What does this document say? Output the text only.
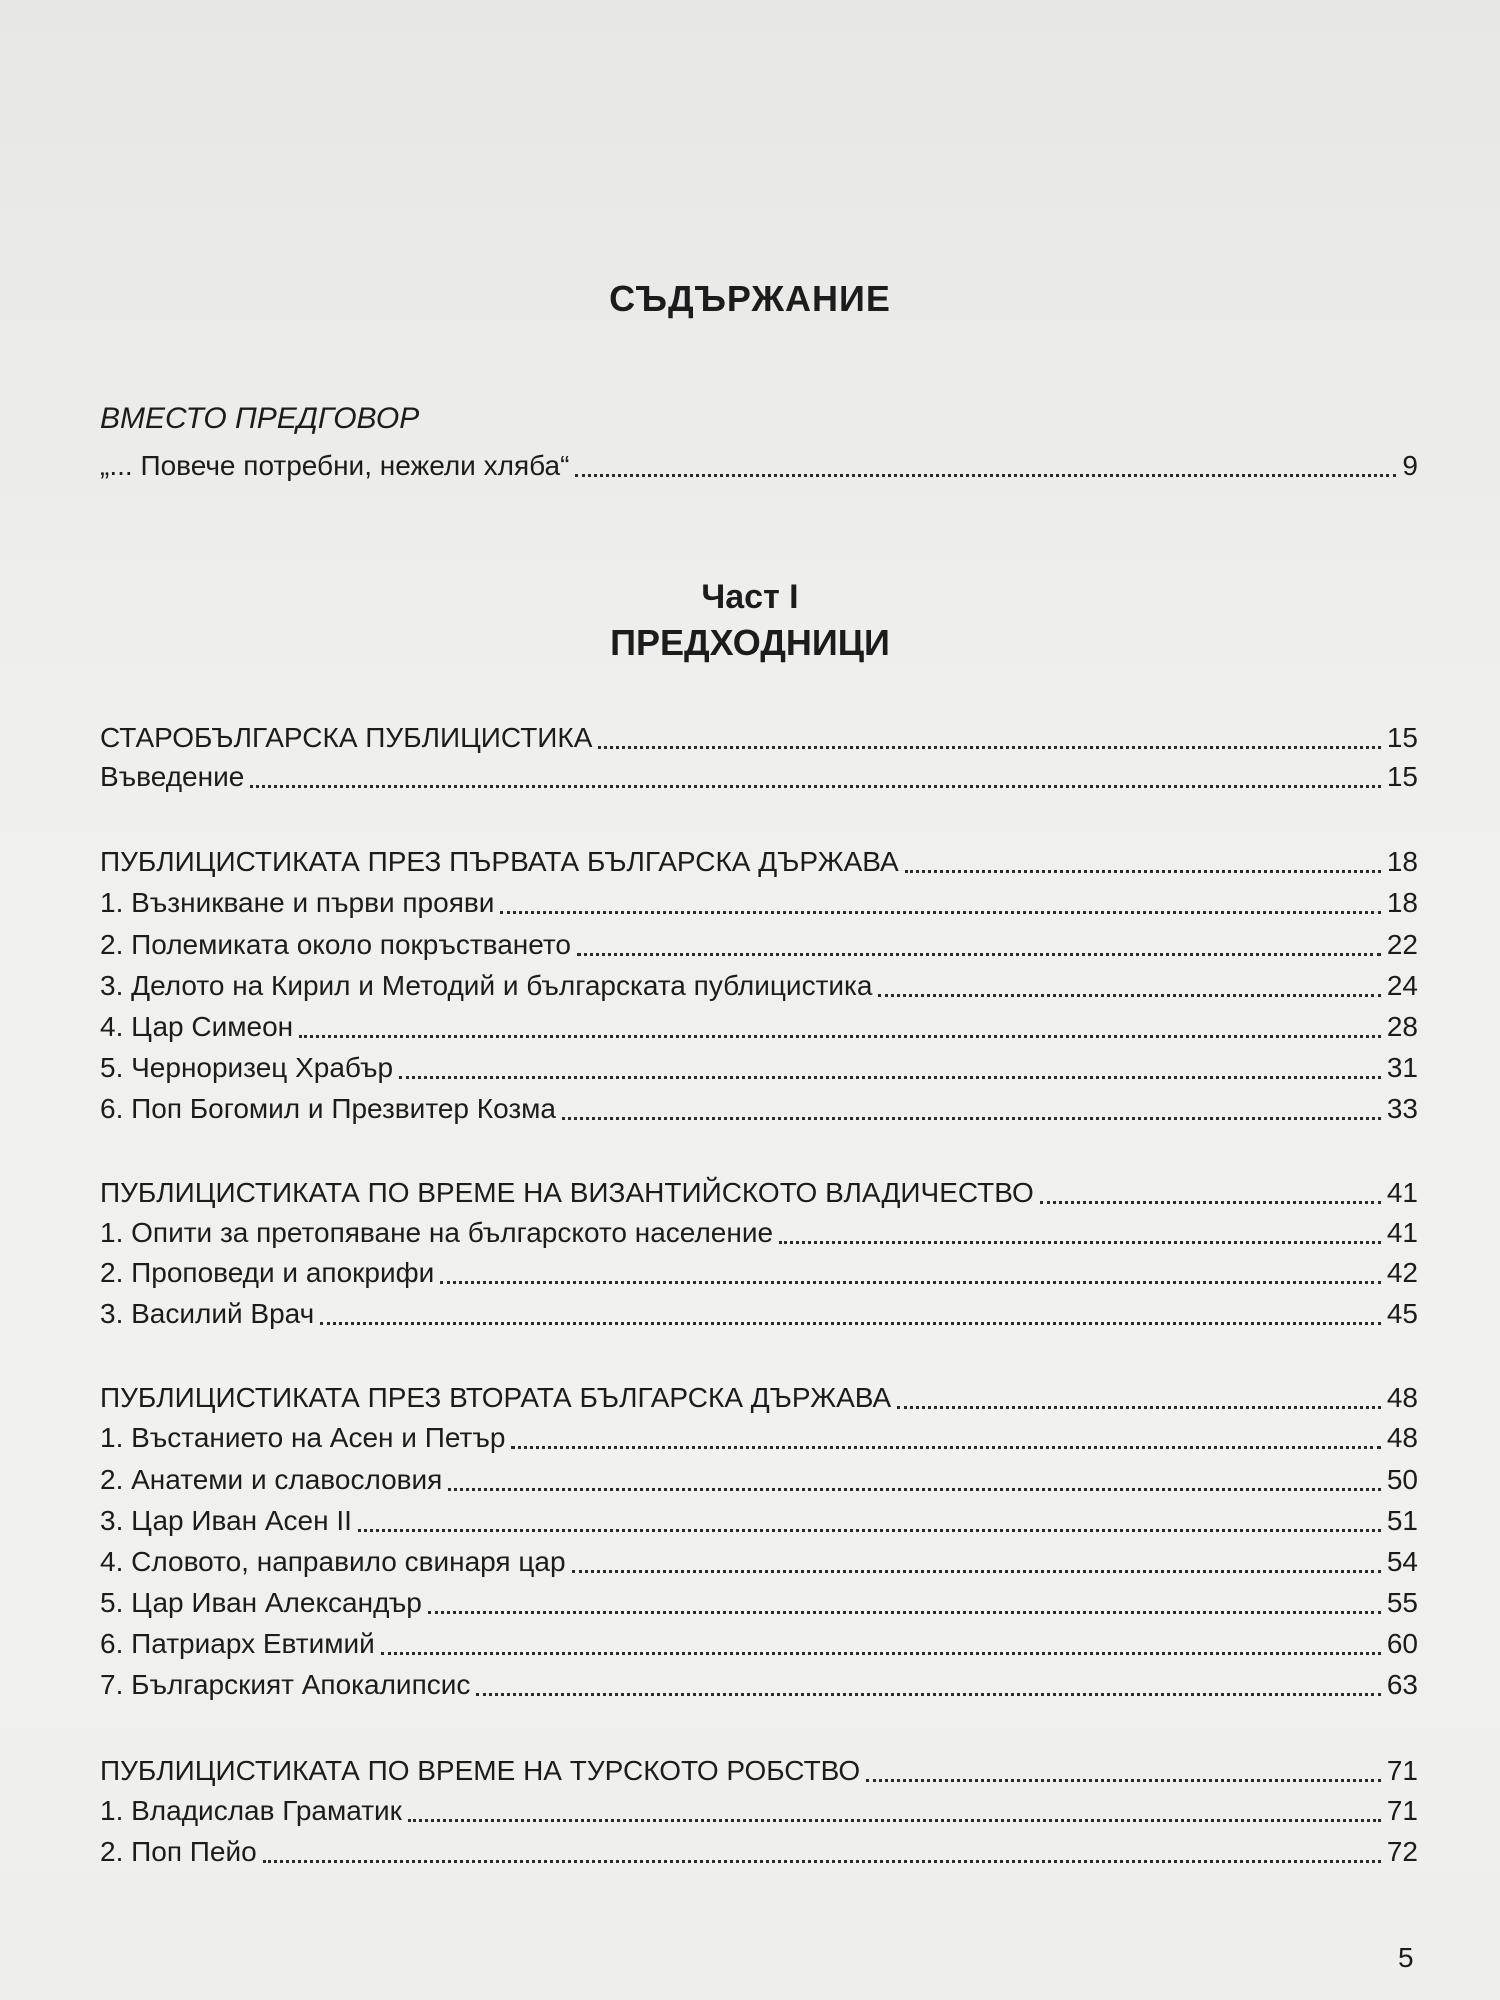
СЪДЪРЖАНИЕ
ВМЕСТО ПРЕДГОВОР
„... Повече потребни, нежели хляба“	9
Част I
ПРЕДХОДНИЦИ
СТАРОБЪЛГАРСКА ПУБЛИЦИСТИКА	15
Въведение	15
ПУБЛИЦИСТИКАТА ПРЕЗ ПЪРВАТА БЪЛГАРСКА ДЪРЖАВА	18
1. Възникване и първи прояви	18
2. Полемиката около покръстването	22
3. Делото на Кирил и Методий и българската публицистика	24
4. Цар Симеон	28
5. Черноризец Храбър	31
6. Поп Богомил и Презвитер Козма	33
ПУБЛИЦИСТИКАТА ПО ВРЕМЕ НА ВИЗАНТИЙСКОТО ВЛАДИЧЕСТВО	41
1. Опити за претопяване на българското население	41
2. Проповеди и апокрифи	42
3. Василий Врач	45
ПУБЛИЦИСТИКАТА ПРЕЗ ВТОРАТА БЪЛГАРСКА ДЪРЖАВА	48
1. Въстанието на Асен и Петър	48
2. Анатеми и славословия	50
3. Цар Иван Асен II	51
4. Словото, направило свинаря цар	54
5. Цар Иван Александър	55
6. Патриарх Евтимий	60
7. Българският Апокалипсис	63
ПУБЛИЦИСТИКАТА ПО ВРЕМЕ НА ТУРСКОТО РОБСТВО	71
1. Владислав Граматик	71
2. Поп Пейо	72
5
